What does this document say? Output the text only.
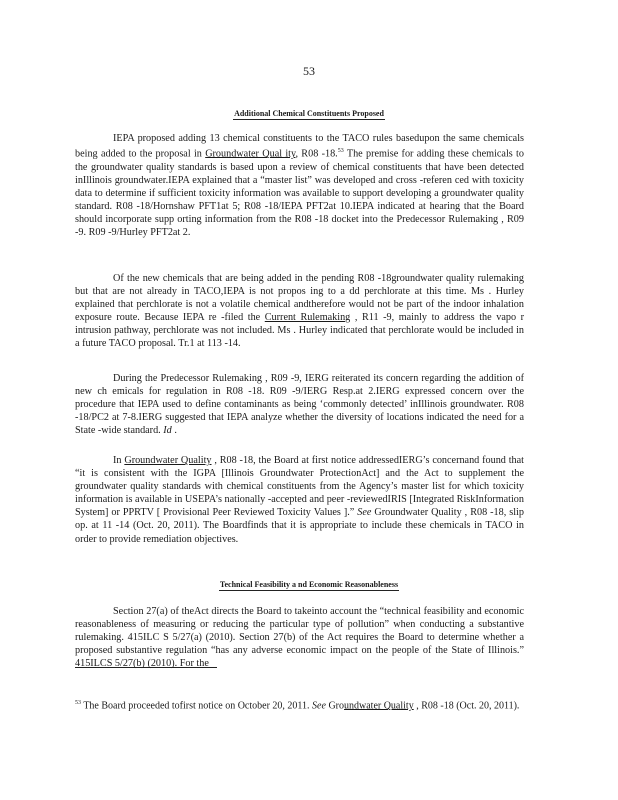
53
Additional Chemical Constituents Proposed

IEPA proposed adding 13 chemical constituents to the TACO rules basedupon the same chemicals being added to the proposal in Groundwater Qual ity, R08 -18.53 The premise for adding these chemicals to the groundwater quality standards is based upon a review of chemical constituents that have been detected inIllinois groundwater.IEPA explained that a “master list” was developed and cross -referen ced with toxicity data to determine if sufficient toxicity information was available to support developing a groundwater quality standard. R08 -18/Hornshaw PFT1at 5; R08 -18/IEPA PFT2at 10.IEPA indicated at hearing that the Board should incorporate supp orting information from the R08 -18 docket into the Predecessor Rulemaking , R09 -9. R09 -9/Hurley PFT2at 2.

Of the new chemicals that are being added in the pending R08 -18groundwater quality rulemaking but that are not already in TACO,IEPA is not propos ing to a dd perchlorate at this time. Ms . Hurley explained that perchlorate is not a volatile chemical andtherefore would not be part of the indoor inhalation exposure route. Because IEPA re -filed the Current Rulemaking , R11 -9, mainly to address the vapo r intrusion pathway, perchlorate was not included. Ms . Hurley indicated that perchlorate would be included in a future TACO proposal. Tr.1 at 113 -14.

During the Predecessor Rulemaking , R09 -9, IERG reiterated its concern regarding the addition of new ch emicals for regulation in R08 -18. R09 -9/IERG Resp.at 2.IERG expressed concern over the procedure that IEPA used to define contaminants as being ‘commonly detected’ inIllinois groundwater. R08 -18/PC2 at 7-8.IERG suggested that IEPA analyze whether the diversity of locations indicated the need for a State -wide standard. Id .

In Groundwater Quality , R08 -18, the Board at first notice addressedIERG’s concernand found that “it is consistent with the IGPA [Illinois Groundwater ProtectionAct] and the Act to supplement the groundwater quality standards with chemical constituents from the Agency’s master list for which toxicity information is available in USEPA’s nationally -accepted and peer -reviewedIRIS [Integrated RiskInformation System] or PPRTV [ Provisional Peer Reviewed Toxicity Values ].” See Groundwater Quality , R08 -18, slip op. at 11 -14 (Oct. 20, 2011). The Boardfinds that it is appropriate to include these chemicals in TACO in order to provide remediation objectives.

Technical Feasibility a nd Economic Reasonableness

Section 27(a) of theAct directs the Board to takeinto account the “technical feasibility and economic reasonableness of measuring or reducing the particular type of pollution” when conducting a substantive rulemaking. 415ILC S 5/27(a) (2010). Section 27(b) of the Act requires the Board to determine whether a proposed substantive regulation “has any adverse economic impact on the people of the State of Illinois.” 415ILCS 5/27(b) (2010). For the

$^{53}$ The Board proceeded tofirst notice on October 20, 2011. See Groundwater Quality , R08 -18 (Oct. 20, 2011).
